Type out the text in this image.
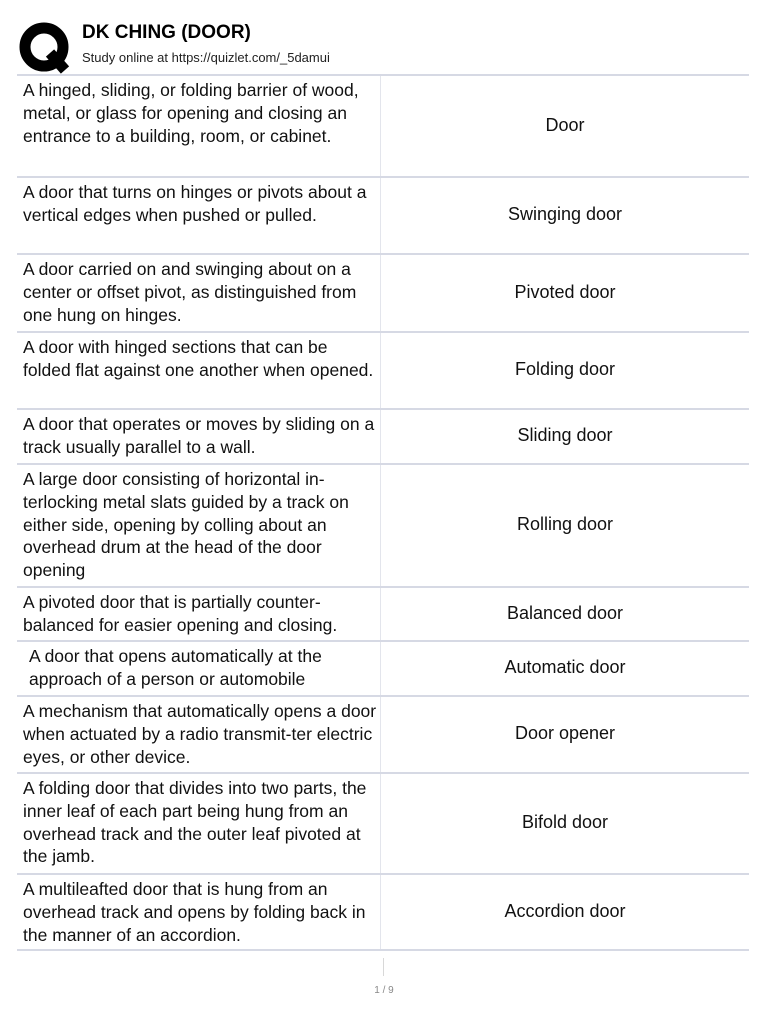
DK CHING (DOOR)
Study online at https://quizlet.com/_5damui
A hinged, sliding, or folding barrier of wood, metal, or glass for opening and closing an entrance to a building, room, or cabinet.
Door
A door that turns on hinges or pivots about a vertical edges when pushed or pulled.	Swinging door
A door carried on and swinging about on a center or offset pivot, as distinguished from one hung on hinges.
Pivoted door
A door with hinged sections that can be folded flat against one another when opened.	Folding door
A door that operates or moves by sliding on a track usually parallel to a wall.
Sliding door
A large door consisting of horizontal in-terlocking metal slats guided by a track on either side, opening by colling about an overhead drum at the head of the door opening
Rolling door
A pivoted door that is partially counter-balanced for easier opening and closing.
Balanced door
A door that opens automatically at the approach of a person or automobile
Automatic door
A mechanism that automatically opens a door when actuated by a radio transmit-ter electric eyes, or other device.
Door opener
A folding door that divides into two parts, the inner leaf of each part being hung from an overhead track and the outer leaf pivoted at the jamb.
Bifold door
A multileafted door that is hung from an overhead track and opens by folding back in the manner of an accordion.
Accordion door
1 / 9
